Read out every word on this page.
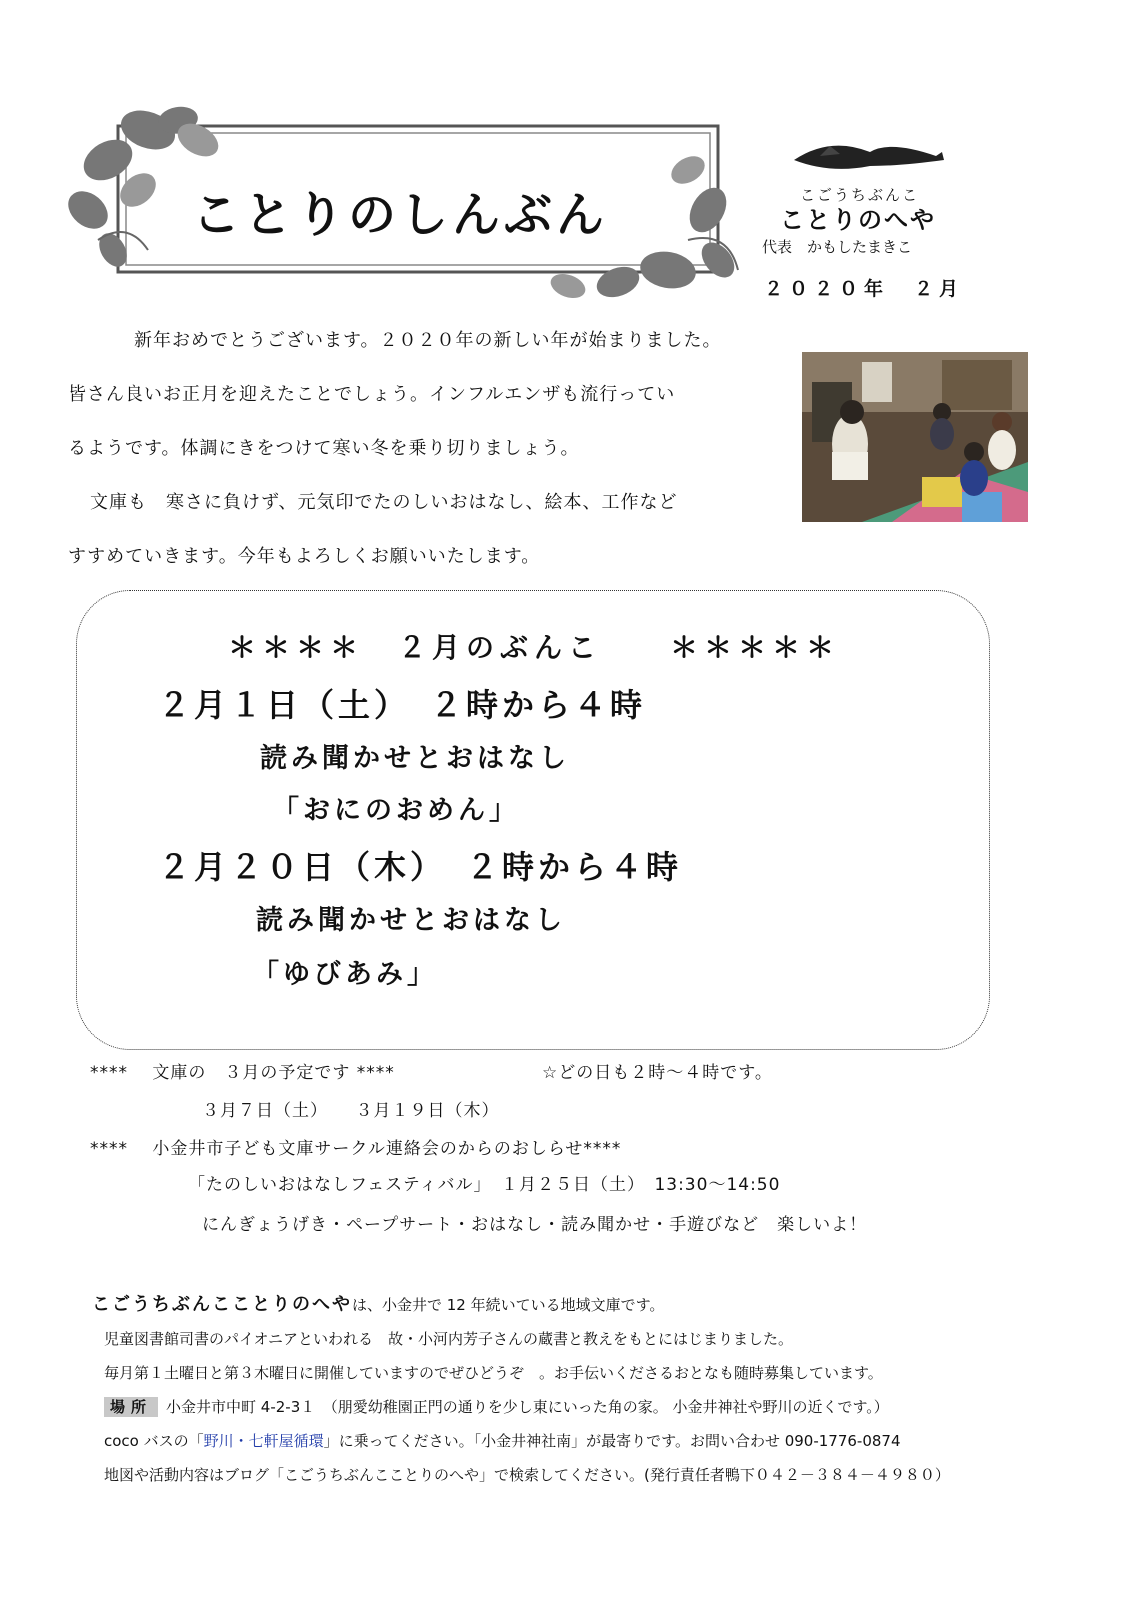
ことりのしんぶん	こごうちぶんこ
ことりのへや
代表　かもしたまきこ
２０２０年　２月
新年おめでとうございます。２０２０年の新しい年が始まりました。
皆さん良いお正月を迎えたことでしょう。インフルエンザも流行ってい
るようです。体調にきをつけて寒い冬を乗り切りましょう。
文庫も　寒さに負けず、元気印でたのしいおはなし、絵本、工作など
すすめていきます。今年もよろしくお願いいたします。
＊＊＊＊　２月のぶんこ　　＊＊＊＊＊
２月１日（土）　２時から４時
読み聞かせとおはなし
「おにのおめん」
２月２０日（木）　２時から４時
読み聞かせとおはなし
「ゆびあみ」
****　 文庫の　３月の予定です ****	☆どの日も２時～４時です。
３月７日（土）　　３月１９日（木）
****　 小金井市子ども文庫サークル連絡会のからのおしらせ****
「たのしいおはなしフェスティバル」　１月２５日（土）　13:30～14:50
にんぎょうげき・ペープサート・おはなし・読み聞かせ・手遊びなど　楽しいよ！
こごうちぶんこことりのへやは、小金井で 12 年続いている地域文庫です。
児童図書館司書のパイオニアといわれる　故・小河内芳子さんの蔵書と教えをもとにはじまりました。
毎月第１土曜日と第３木曜日に開催していますのでぜひどうぞ　。お手伝いくださるおとなも随時募集しています。
場所 小金井市中町 4-2-3１　（朋愛幼稚園正門の通りを少し東にいった角の家。 小金井神社や野川の近くです。）
coco バスの「野川・七軒屋循環」に乗ってください。「小金井神社南」が最寄りです。お問い合わせ 090-1776-0874
地図や活動内容はブログ「こごうちぶんこことりのへや」で検索してください。(発行責任者鴨下０４２－３８４－４９８０）
